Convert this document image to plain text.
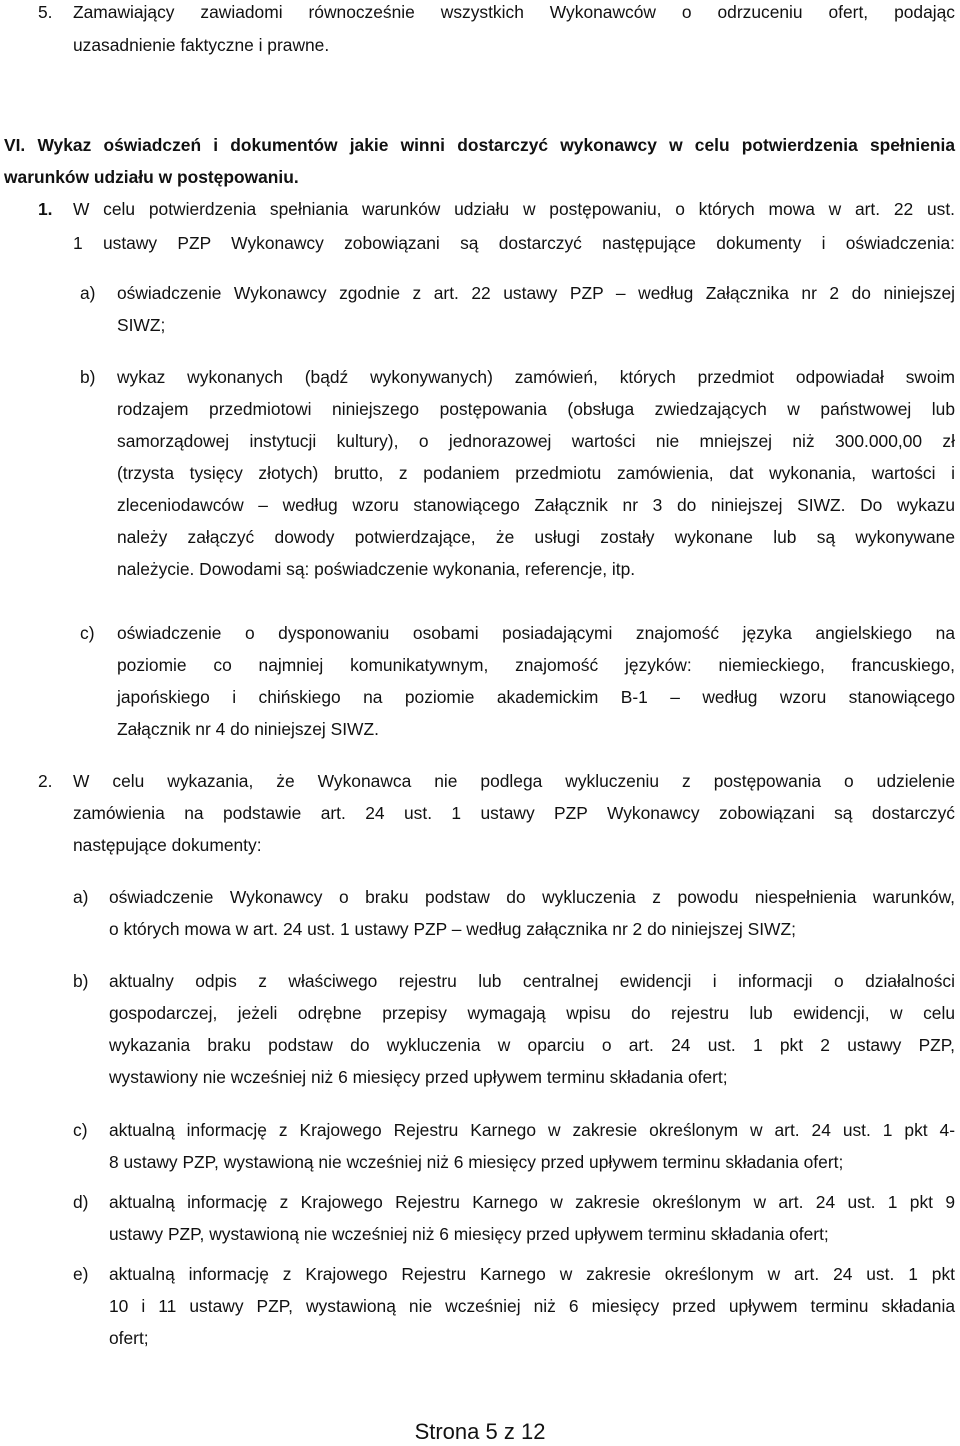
5. Zamawiający zawiadomi równocześnie wszystkich Wykonawców o odrzuceniu ofert, podając
uzasadnienie faktyczne i prawne.
VI. Wykaz oświadczeń i dokumentów jakie winni dostarczyć wykonawcy w celu potwierdzenia spełnienia
warunków udziału w postępowaniu.
1. W celu potwierdzenia spełniania warunków udziału w postępowaniu, o których mowa w art. 22 ust.
1 ustawy PZP Wykonawcy zobowiązani są dostarczyć następujące dokumenty i oświadczenia:
a) oświadczenie Wykonawcy zgodnie z art. 22 ustawy PZP – według Załącznika nr 2 do niniejszej
SIWZ;
b) wykaz wykonanych (bądź wykonywanych) zamówień, których przedmiot odpowiadał swoim
rodzajem przedmiotowi niniejszego postępowania (obsługa zwiedzających w państwowej lub
samorządowej instytucji kultury), o jednorazowej wartości nie mniejszej niż 300.000,00 zł
(trzysta tysięcy złotych) brutto, z podaniem przedmiotu zamówienia, dat wykonania, wartości i
zleceniodawców – według wzoru stanowiącego Załącznik nr 3 do niniejszej SIWZ. Do wykazu
należy załączyć dowody potwierdzające, że usługi zostały wykonane lub są wykonywane
należycie. Dowodami są: poświadczenie wykonania, referencje, itp.
c) oświadczenie o dysponowaniu osobami posiadającymi znajomość języka angielskiego na
poziomie co najmniej komunikatywnym, znajomość języków: niemieckiego, francuskiego,
japońskiego i chińskiego na poziomie akademickim B-1 – według wzoru stanowiącego
Załącznik nr 4 do niniejszej SIWZ.
2. W celu wykazania, że Wykonawca nie podlega wykluczeniu z postępowania o udzielenie
zamówienia na podstawie art. 24 ust. 1 ustawy PZP Wykonawcy zobowiązani są dostarczyć
następujące dokumenty:
a) oświadczenie Wykonawcy o braku podstaw do wykluczenia z powodu niespełnienia warunków,
o których mowa w art. 24 ust. 1 ustawy PZP – według załącznika nr 2 do niniejszej SIWZ;
b) aktualny odpis z właściwego rejestru lub centralnej ewidencji i informacji o działalności
gospodarczej, jeżeli odrębne przepisy wymagają wpisu do rejestru lub ewidencji, w celu
wykazania braku podstaw do wykluczenia w oparciu o art. 24 ust. 1 pkt 2 ustawy PZP,
wystawiony nie wcześniej niż 6 miesięcy przed upływem terminu składania ofert;
c) aktualną informację z Krajowego Rejestru Karnego w zakresie określonym w art. 24 ust. 1 pkt 4-
8 ustawy PZP, wystawioną nie wcześniej niż 6 miesięcy przed upływem terminu składania ofert;
d) aktualną informację z Krajowego Rejestru Karnego w zakresie określonym w art. 24 ust. 1 pkt 9
ustawy PZP, wystawioną nie wcześniej niż 6 miesięcy przed upływem terminu składania ofert;
e) aktualną informację z Krajowego Rejestru Karnego w zakresie określonym w art. 24 ust. 1 pkt
10 i 11 ustawy PZP, wystawioną nie wcześniej niż 6 miesięcy przed upływem terminu składania
ofert;
Strona 5 z 12
